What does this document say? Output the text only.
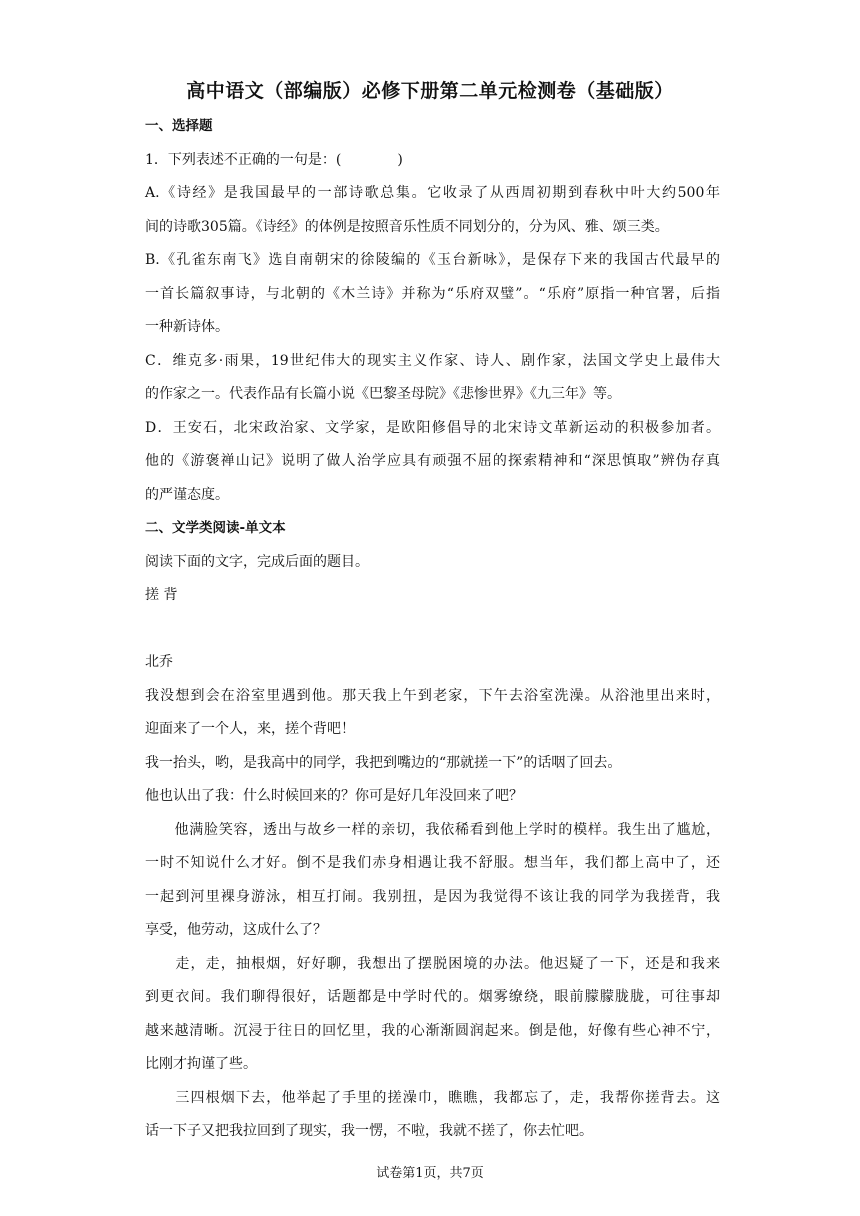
高中语文（部编版）必修下册第二单元检测卷（基础版）
一、选择题
1．下列表述不正确的一句是：(　　　　)
A.《诗经》是我国最早的一部诗歌总集。它收录了从西周初期到春秋中叶大约500年
间的诗歌305篇。《诗经》的体例是按照音乐性质不同划分的，分为风、雅、颂三类。
B.《孔雀东南飞》选自南朝宋的徐陵编的《玉台新咏》，是保存下来的我国古代最早的
一首长篇叙事诗，与北朝的《木兰诗》并称为“乐府双璧”。“乐府”原指一种官署，后指
一种新诗体。
C．维克多·雨果，19世纪伟大的现实主义作家、诗人、剧作家，法国文学史上最伟大
的作家之一。代表作品有长篇小说《巴黎圣母院》《悲惨世界》《九三年》等。
D．王安石，北宋政治家、文学家，是欧阳修倡导的北宋诗文革新运动的积极参加者。
他的《游褒禅山记》说明了做人治学应具有顽强不屈的探索精神和“深思慎取”辨伪存真
的严谨态度。
二、文学类阅读-单文本
阅读下面的文字，完成后面的题目。
搓 背
北乔
我没想到会在浴室里遇到他。那天我上午到老家，下午去浴室洗澡。从浴池里出来时，
迎面来了一个人，来，搓个背吧！
我一抬头，哟，是我高中的同学，我把到嘴边的“那就搓一下”的话咽了回去。
他也认出了我：什么时候回来的？你可是好几年没回来了吧？
　　他满脸笑容，透出与故乡一样的亲切，我依稀看到他上学时的模样。我生出了尴尬，
一时不知说什么才好。倒不是我们赤身相遇让我不舒服。想当年，我们都上高中了，还
一起到河里裸身游泳，相互打闹。我别扭，是因为我觉得不该让我的同学为我搓背，我
享受，他劳动，这成什么了？
　　走，走，抽根烟，好好聊，我想出了摆脱困境的办法。他迟疑了一下，还是和我来
到更衣间。我们聊得很好，话题都是中学时代的。烟雾缭绕，眼前朦朦胧胧，可往事却
越来越清晰。沉浸于往日的回忆里，我的心渐渐圆润起来。倒是他，好像有些心神不宁，
比刚才拘谨了些。
　　三四根烟下去，他举起了手里的搓澡巾，瞧瞧，我都忘了，走，我帮你搓背去。这
话一下子又把我拉回到了现实，我一愣，不啦，我就不搓了，你去忙吧。
试卷第1页，共7页
